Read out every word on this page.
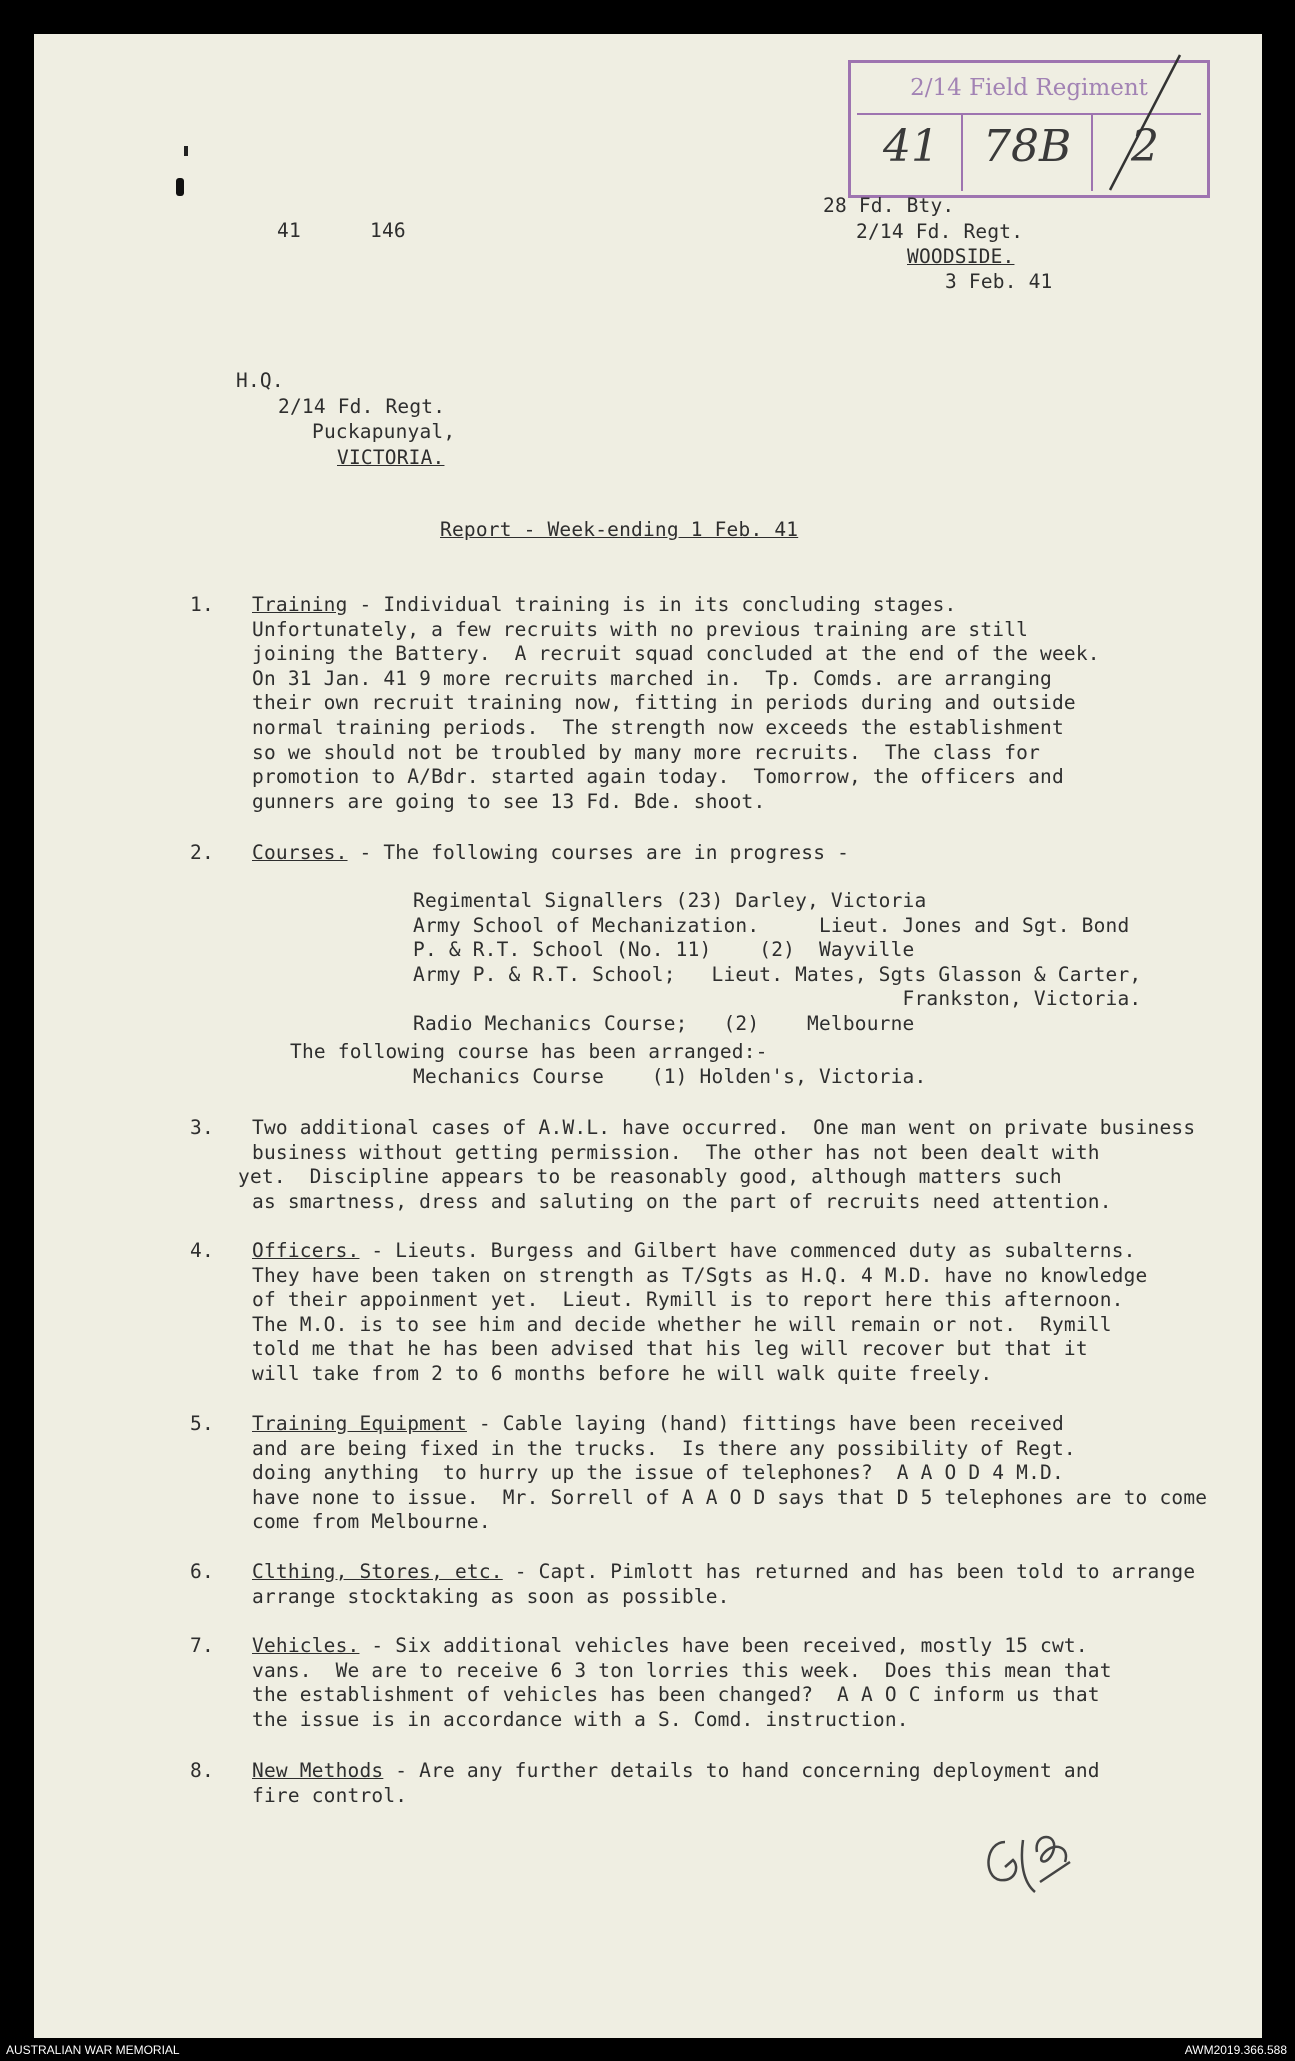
2/14 Field Regiment
41 78B 2
41	146
28 Fd. Bty.
2/14 Fd. Regt.
WOODSIDE.
3 Feb. 41
H.Q.
2/14 Fd. Regt.
Puckapunyal,
VICTORIA.
Report - Week-ending 1 Feb. 41
1. Training - Individual training is in its concluding stages.
Unfortunately, a few recruits with no previous training are still
joining the Battery.  A recruit squad concluded at the end of the week.
On 31 Jan. 41 9 more recruits marched in.  Tp. Comds. are arranging
their own recruit training now, fitting in periods during and outside
normal training periods.  The strength now exceeds the establishment
so we should not be troubled by many more recruits.  The class for
promotion to A/Bdr. started again today.  Tomorrow, the officers and
gunners are going to see 13 Fd. Bde. shoot.
2. Courses. - The following courses are in progress -
Regimental Signallers (23) Darley, Victoria
Army School of Mechanization.     Lieut. Jones and Sgt. Bond
P. & R.T. School (No. 11)    (2)  Wayville
Army P. & R.T. School;   Lieut. Mates, Sgts Glasson & Carter,
Frankston, Victoria.
Radio Mechanics Course;   (2)    Melbourne
The following course has been arranged:-
Mechanics Course    (1) Holden's, Victoria.
3. Two additional cases of A.W.L. have occurred.  One man went on private business
business without getting permission.  The other has not been dealt with
yet.  Discipline appears to be reasonably good, although matters such
as smartness, dress and saluting on the part of recruits need attention.
4. Officers. - Lieuts. Burgess and Gilbert have commenced duty as subalterns.
They have been taken on strength as T/Sgts as H.Q. 4 M.D. have no knowledge
of their appoinment yet.  Lieut. Rymill is to report here this afternoon.
The M.O. is to see him and decide whether he will remain or not.  Rymill
told me that he has been advised that his leg will recover but that it
will take from 2 to 6 months before he will walk quite freely.
5. Training Equipment - Cable laying (hand) fittings have been received
and are being fixed in the trucks.  Is there any possibility of Regt.
doing anything  to hurry up the issue of telephones?  A A O D 4 M.D.
have none to issue.  Mr. Sorrell of A A O D says that D 5 telephones are to come
come from Melbourne.
6. Clthing, Stores, etc. - Capt. Pimlott has returned and has been told to arrange
arrange stocktaking as soon as possible.
7. Vehicles. - Six additional vehicles have been received, mostly 15 cwt.
vans.  We are to receive 6 3 ton lorries this week.  Does this mean that
the establishment of vehicles has been changed?  A A O C inform us that
the issue is in accordance with a S. Comd. instruction.
8. New Methods - Are any further details to hand concerning deployment and
fire control.
AUSTRALIAN WAR MEMORIAL	AWM2019.366.588
